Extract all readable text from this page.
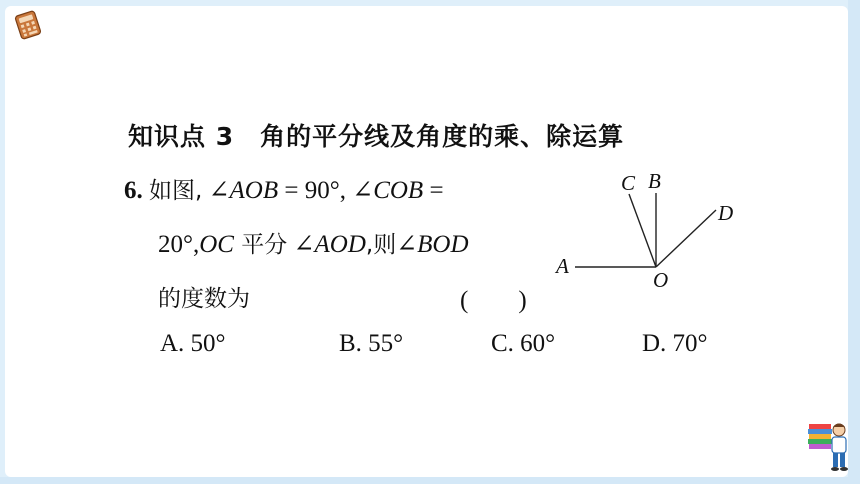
知识点 3　角的平分线及角度的乘、除运算
6. 如图, ∠AOB = 90°, ∠COB =
20°,OC 平分 ∠AOD,则∠BOD
的度数为	(　　)
A. 50°	B. 55°	C. 60°	D. 70°
A
B
C
D
O
